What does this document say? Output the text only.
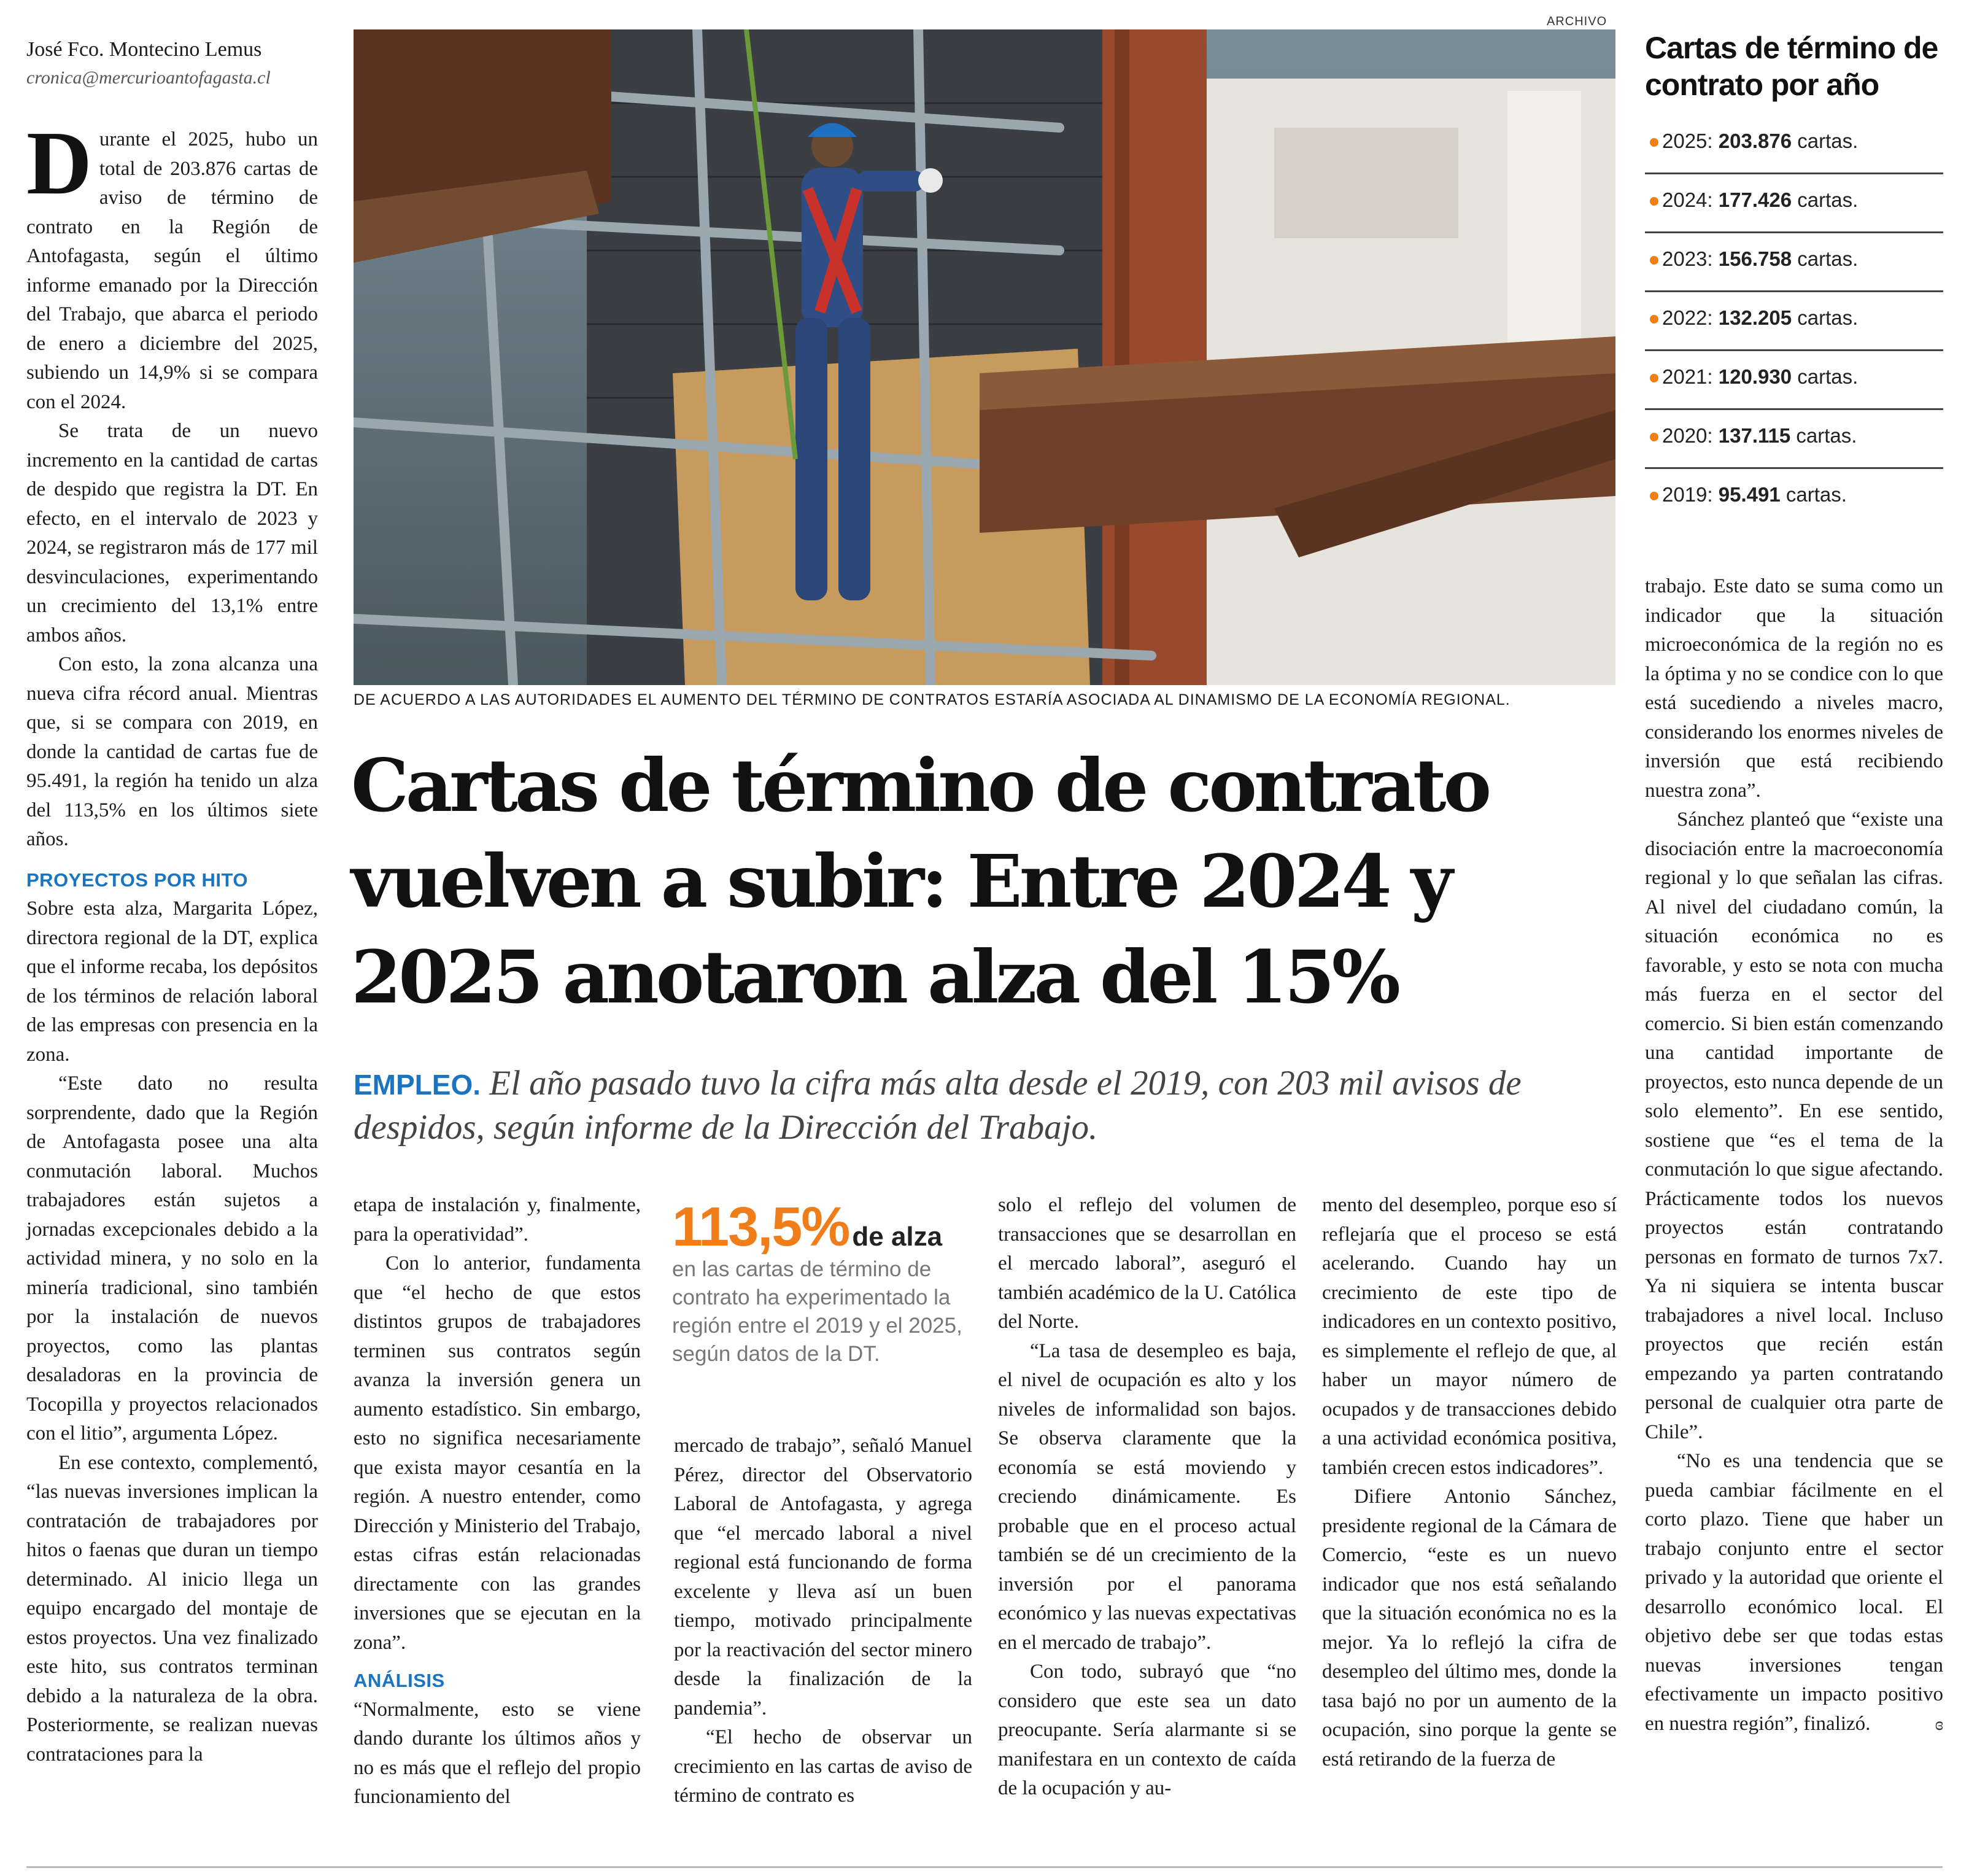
José Fco. Montecino Lemus
cronica@mercurioantofagasta.cl
ARCHIVO
DE ACUERDO A LAS AUTORIDADES EL AUMENTO DEL TÉRMINO DE CONTRATOS ESTARÍA ASOCIADA AL DINAMISMO DE LA ECONOMÍA REGIONAL.
Cartas de término de contrato vuelven a subir: Entre 2024 y 2025 anotaron alza del 15%
EMPLEO. El año pasado tuvo la cifra más alta desde el 2019, con 203 mil avisos de despidos, según informe de la Dirección del Trabajo.
Cartas de término de contrato por año
2025: 203.876 cartas.
2024: 177.426 cartas.
2023: 156.758 cartas.
2022: 132.205 cartas.
2021: 120.930 cartas.
2020: 137.115 cartas.
2019: 95.491 cartas.

Durante el 2025, hubo un total de 203.876 cartas de aviso de término de contrato en la Región de Antofagasta, según el último informe emanado por la Dirección del Trabajo, que abarca el periodo de enero a diciembre del 2025, subiendo un 14,9% si se compara con el 2024.

Se trata de un nuevo incremento en la cantidad de cartas de despido que registra la DT. En efecto, en el intervalo de 2023 y 2024, se registraron más de 177 mil desvinculaciones, experimentando un crecimiento del 13,1% entre ambos años.

Con esto, la zona alcanza una nueva cifra récord anual. Mientras que, si se compara con 2019, en donde la cantidad de cartas fue de 95.491, la región ha tenido un alza del 113,5% en los últimos siete años.

PROYECTOS POR HITO

Sobre esta alza, Margarita López, directora regional de la DT, explica que el informe recaba, los depósitos de los términos de relación laboral de las empresas con presencia en la zona.

“Este dato no resulta sorprendente, dado que la Región de Antofagasta posee una alta conmutación laboral. Muchos trabajadores están sujetos a jornadas excepcionales debido a la actividad minera, y no solo en la minería tradicional, sino también por la instalación de nuevos proyectos, como las plantas desaladoras en la provincia de Tocopilla y proyectos relacionados con el litio”, argumenta López.

En ese contexto, complementó, “las nuevas inversiones implican la contratación de trabajadores por hitos o faenas que duran un tiempo determinado. Al inicio llega un equipo encargado del montaje de estos proyectos. Una vez finalizado este hito, sus contratos terminan debido a la naturaleza de la obra. Posteriormente, se realizan nuevas contrataciones para la

etapa de instalación y, finalmente, para la operatividad”.

Con lo anterior, fundamenta que “el hecho de que estos distintos grupos de trabajadores terminen sus contratos según avanza la inversión genera un aumento estadístico. Sin embargo, esto no significa necesariamente que exista mayor cesantía en la región. A nuestro entender, como Dirección y Ministerio del Trabajo, estas cifras están relacionadas directamente con las grandes inversiones que se ejecutan en la zona”.

ANÁLISIS

“Normalmente, esto se viene dando durante los últimos años y no es más que el reflejo del propio funcionamiento del

113,5% de alza
en las cartas de término de contrato ha experimentado la región entre el 2019 y el 2025, según datos de la DT.

mercado de trabajo”, señaló Manuel Pérez, director del Observatorio Laboral de Antofagasta, y agrega que “el mercado laboral a nivel regional está funcionando de forma excelente y lleva así un buen tiempo, motivado principalmente por la reactivación del sector minero desde la finalización de la pandemia”.

“El hecho de observar un crecimiento en las cartas de aviso de término de contrato es

solo el reflejo del volumen de transacciones que se desarrollan en el mercado laboral”, aseguró el también académico de la U. Católica del Norte.

“La tasa de desempleo es baja, el nivel de ocupación es alto y los niveles de informalidad son bajos. Se observa claramente que la economía se está moviendo y creciendo dinámicamente. Es probable que en el proceso actual también se dé un crecimiento de la inversión por el panorama económico y las nuevas expectativas en el mercado de trabajo”.

Con todo, subrayó que “no considero que este sea un dato preocupante. Sería alarmante si se manifestara en un contexto de caída de la ocupación y au-

mento del desempleo, porque eso sí reflejaría que el proceso se está acelerando. Cuando hay un crecimiento de este tipo de indicadores en un contexto positivo, es simplemente el reflejo de que, al haber un mayor número de ocupados y de transacciones debido a una actividad económica positiva, también crecen estos indicadores”.

Difiere Antonio Sánchez, presidente regional de la Cámara de Comercio, “este es un nuevo indicador que nos está señalando que la situación económica no es la mejor. Ya lo reflejó la cifra de desempleo del último mes, donde la tasa bajó no por un aumento de la ocupación, sino porque la gente se está retirando de la fuerza de

trabajo. Este dato se suma como un indicador que la situación microeconómica de la región no es la óptima y no se condice con lo que está sucediendo a niveles macro, considerando los enormes niveles de inversión que está recibiendo nuestra zona”.

Sánchez planteó que “existe una disociación entre la macroeconomía regional y lo que señalan las cifras. Al nivel del ciudadano común, la situación económica no es favorable, y esto se nota con mucha más fuerza en el sector del comercio. Si bien están comenzando una cantidad importante de proyectos, esto nunca depende de un solo elemento”. En ese sentido, sostiene que “es el tema de la conmutación lo que sigue afectando. Prácticamente todos los nuevos proyectos están contratando personas en formato de turnos 7x7. Ya ni siquiera se intenta buscar trabajadores a nivel local. Incluso proyectos que recién están empezando ya parten contratando personal de cualquier otra parte de Chile”.

“No es una tendencia que se pueda cambiar fácilmente en el corto plazo. Tiene que haber un trabajo conjunto entre el sector privado y la autoridad que oriente el desarrollo económico local. El objetivo debe ser que todas estas nuevas inversiones tengan efectivamente un impacto positivo en nuestra región”, finalizó.	ɞ
